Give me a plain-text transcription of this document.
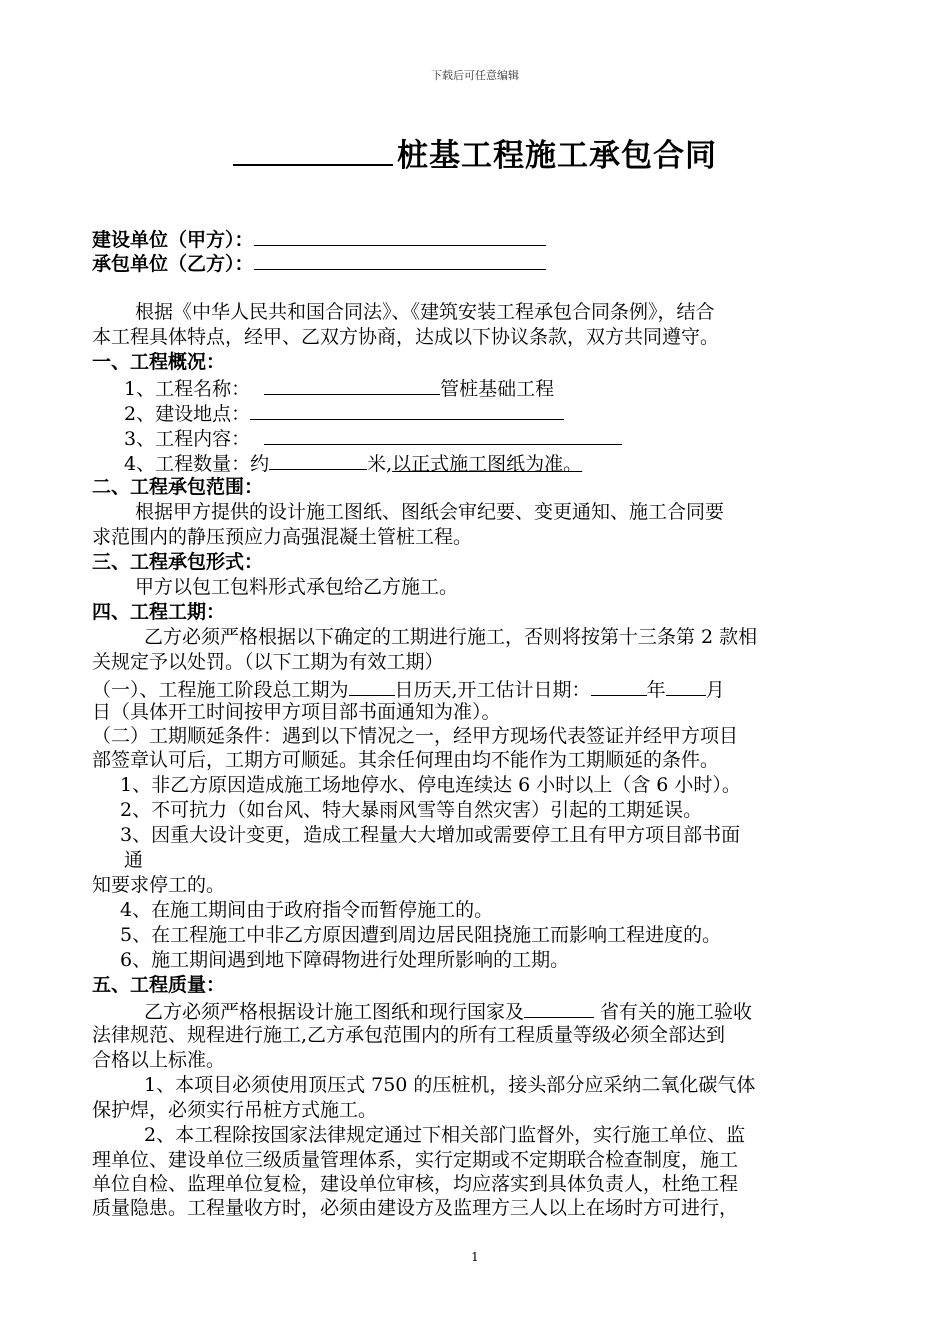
下载后可任意编辑
桩基工程施工承包合同
建设单位（甲方）：
承包单位（乙方）：
根据《中华人民共和国合同法》、《建筑安装工程承包合同条例》，结合
本工程具体特点，经甲、乙双方协商，达成以下协议条款，双方共同遵守。
一、工程概况：
1、工程名称：	管桩基础工程
2、建设地点：
3、工程内容：
4、工程数量：约	米,以正式施工图纸为准。
二、工程承包范围：
根据甲方提供的设计施工图纸、图纸会审纪要、变更通知、施工合同要
求范围内的静压预应力高强混凝土管桩工程。
三、工程承包形式：
甲方以包工包料形式承包给乙方施工。
四、工程工期：
乙方必须严格根据以下确定的工期进行施工，否则将按第十三条第 2 款相
关规定予以处罚。（以下工期为有效工期）
（一）、工程施工阶段总工期为 日历天,开工估计日期：	年 月
日（具体开工时间按甲方项目部书面通知为准）。
（二）工期顺延条件：遇到以下情况之一，经甲方现场代表签证并经甲方项目
部签章认可后，工期方可顺延。其余任何理由均不能作为工期顺延的条件。
1、非乙方原因造成施工场地停水、停电连续达 6 小时以上（含 6 小时）。
2、不可抗力（如台风、特大暴雨风雪等自然灾害）引起的工期延误。
3、因重大设计变更，造成工程量大大增加或需要停工且有甲方项目部书面
通
知要求停工的。
4、在施工期间由于政府指令而暂停施工的。
5、在工程施工中非乙方原因遭到周边居民阻挠施工而影响工程进度的。
6、施工期间遇到地下障碍物进行处理所影响的工期。
五、工程质量：
乙方必须严格根据设计施工图纸和现行国家及	省有关的施工验收
法律规范、规程进行施工,乙方承包范围内的所有工程质量等级必须全部达到
合格以上标准。
1、本项目必须使用顶压式 750 的压桩机，接头部分应采纳二氧化碳气体
保护焊，必须实行吊桩方式施工。
2、本工程除按国家法律规定通过下相关部门监督外，实行施工单位、监
理单位、建设单位三级质量管理体系，实行定期或不定期联合检查制度，施工
单位自检、监理单位复检，建设单位审核，均应落实到具体负责人，杜绝工程
质量隐患。工程量收方时，必须由建设方及监理方三人以上在场时方可进行，
1
